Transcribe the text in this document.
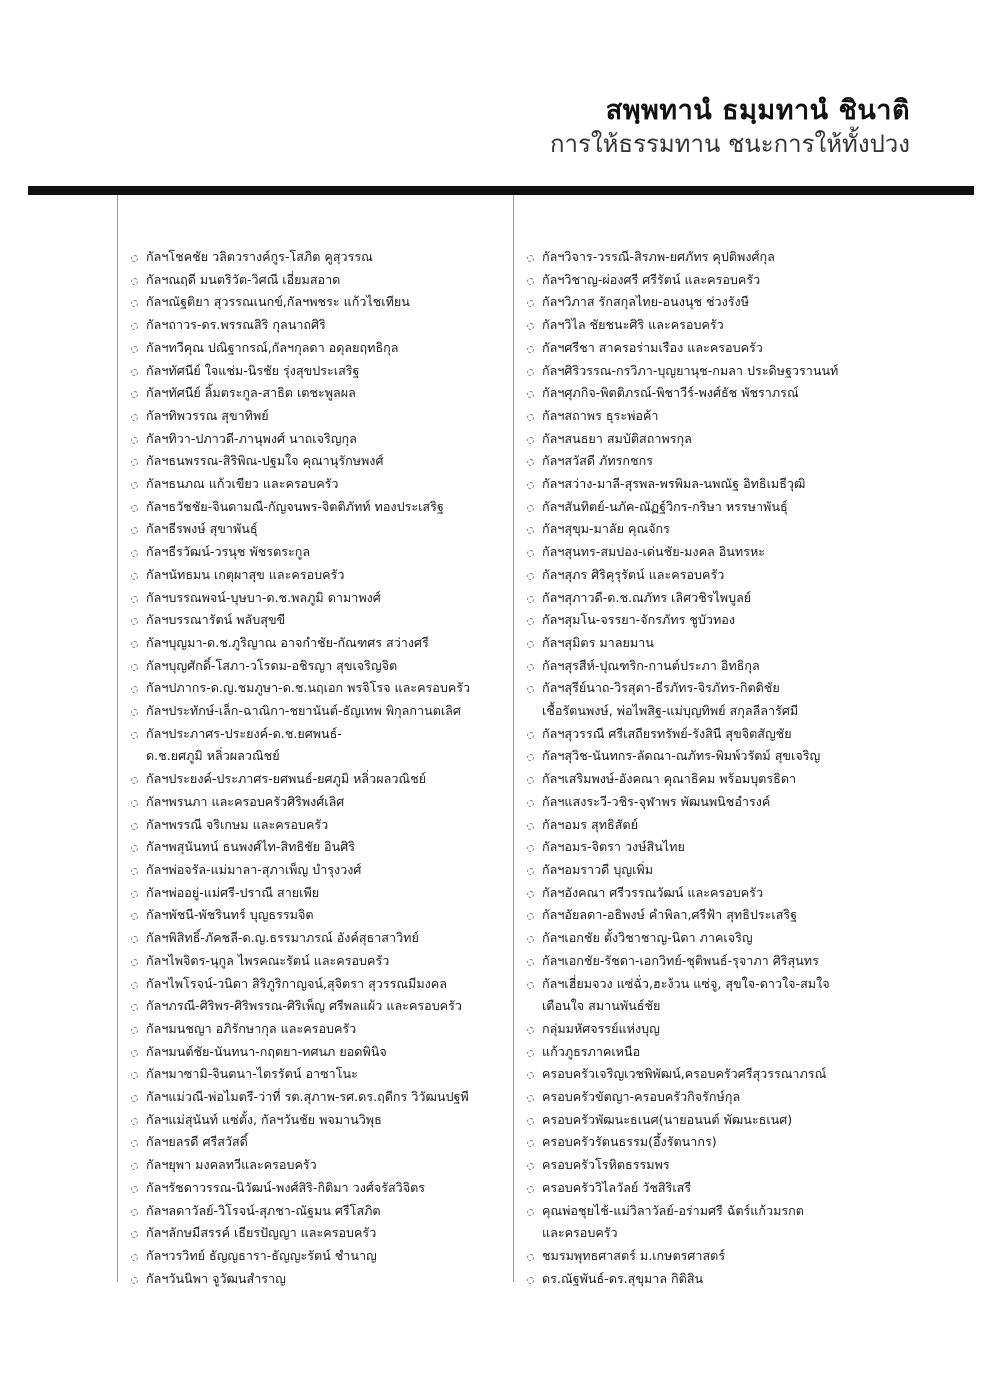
สพฺพทานํ ธมฺมทานํ ชินาติ
การให้ธรรมทาน ชนะการให้ทั้งปวง
กัลฯโชคชัย วลิตวรางค์กูร-โสภิต คูสุวรรณ
กัลฯณฤดี มนตริวัต-วิศณี เอี่ยมสอาด
กัลฯณัฐติยา สุวรรณเนกข์,กัลฯพชระ แก้วไชเทียน
กัลฯถาวร-ดร.พรรณสิริ กุลนาถศิริ
กัลฯทวีคุณ ปณิฐากรณ์,กัลฯกุลดา อดุลยฤทธิกุล
กัลฯทัศนีย์ ใจแช่ม-นิรชัย รุ่งสุขประเสริฐ
กัลฯทัศนีย์ ลิ้มตระกูล-สาธิต เตชะพูลผล
กัลฯทิพวรรณ สุขาทิพย์
กัลฯทิวา-ปภาวดี-ภานุพงศ์ นาถเจริญกุล
กัลฯธนพรรณ-สิริพิณ-ปฐมใจ คุณานุรักษพงศ์
กัลฯธนภณ แก้วเขียว และครอบครัว
กัลฯธวัชชัย-จินดามณี-กัญจนพร-จิตติภัทท์ ทองประเสริฐ
กัลฯธีรพงษ์ สุขาพันธุ์
กัลฯธีรวัฒน์-วรนุช พัชรตระกูล
กัลฯนัทธมน เกตุผาสุข และครอบครัว
กัลฯบรรณพจน์-บุษบา-ด.ช.พลภูมิ ดามาพงศ์
กัลฯบรรณารัตน์ พลับสุขขี
กัลฯบุญมา-ด.ช.ภูริญาณ อาจกำชัย-กัณฑศร สว่างศรี
กัลฯบุญศักดิ์-โสภา-วโรดม-อชิรญา สุขเจริญจิต
กัลฯปภากร-ด.ญ.ชมภูษา-ด.ช.นฤเอก พรจิโรจ และครอบครัว
กัลฯประทักษ์-เล็ก-ฉาณิกา-ชยานันต์-ธัญเทพ พิกุลกานตเลิศ
กัลฯประภาศร-ประยงค์-ด.ช.ยศพนธ์-
ด.ช.ยศภูมิ หลิ่วผลวณิชย์
กัลฯประยงค์-ประภาศร-ยศพนธ์-ยศภูมิ หลิ่วผลวณิชย์
กัลฯพรนภา และครอบครัวศิริพงศ์เลิศ
กัลฯพรรณี จริเกษม และครอบครัว
กัลฯพสุนันทน์ ธนพงศ์ไท-สิทธิชัย อินศิริ
กัลฯพ่อจรัล-แม่มาลา-สุภาเพ็ญ บำรุงวงศ์
กัลฯพ่ออยู่-แม่ศรี-ปราณี สายเพีย
กัลฯพัชนี-พัชรินทร์ บุญธรรมจิต
กัลฯพิสิทธิ์-ภัคชลี-ด.ญ.ธรรมาภรณ์ อังค์สุธาสาวิทย์
กัลฯไพจิตร-นุกูล ไพรคณะรัตน์ และครอบครัว
กัลฯไพโรจน์-วนิดา สิริภูริกาญจน์,สุจิตรา สุวรรณมีมงคล
กัลฯภรณี-ศิริพร-ศิริพรรณ-ศิริเพ็ญ ศรีพลแผ้ว และครอบครัว
กัลฯมนชญา อภิรักษากุล และครอบครัว
กัลฯมนต์ชัย-นันทนา-กฤตยา-ทศนภ ยอดพินิจ
กัลฯมาซามิ-จินตนา-ไตรรัตน์ อาซาโนะ
กัลฯแม่วณี-พ่อไมตรี-ว่าที่ รต.สุภาพ-รศ.ดร.ฤดีกร วิวัฒนปฐพี
กัลฯแม่สุนันท์ แซ่ตั้ง, กัลฯวันชัย พจมานวิพุธ
กัลฯยลรดี ศรีสวัสดิ์
กัลฯยุพา มงคลทวีและครอบครัว
กัลฯรัชดาวรรณ-นิวัฒน์-พงศ์สิริ-กิติมา วงศ์จรัสวิจิตร
กัลฯลดาวัลย์-วิโรจน์-สุภชา-ณัฐมน ศรีโสภิต
กัลฯลักษมีสรรค์ เธียรปัญญา และครอบครัว
กัลฯวรวิทย์ ธัญญธารา-ธัญญะรัตน์ ชำนาญ
กัลฯวันนิพา จูวัฒนสำราญ
กัลฯวิจาร-วรรณี-สิรภพ-ยศภัทร คุปติพงศ์กุล
กัลฯวิชาญ-ผ่องศรี ศรีรัตน์ และครอบครัว
กัลฯวิภาส รักสกุลไทย-อนงนุช ช่วงรังษี
กัลฯวิไล ชัยชนะศิริ และครอบครัว
กัลฯศรีชา สาครอร่ามเรือง และครอบครัว
กัลฯศิริวรรณ-กรวิภา-บุญยานุช-กมลา ประดิษฐวรานนท์
กัลฯศุภกิจ-พิตติภรณ์-พิชาวีร์-พงศ์ธัช พัชราภรณ์
กัลฯสถาพร ธุระพ่อค้า
กัลฯสนธยา สมบัติสถาพรกุล
กัลฯสวัสดี ภัทรกชกร
กัลฯสว่าง-มาลี-สุรพล-พรพิมล-นพณัฐ อิทธิเมธีวุฒิ
กัลฯสันทิตย์-นภัค-ณัฏฐ์วิกร-กริษา หรรษาพันธุ์
กัลฯสุขุม-มาลัย คุณจักร
กัลฯสุนทร-สมปอง-เด่นชัย-มงคล อินทรหะ
กัลฯสุภร ศิริคุรุรัตน์ และครอบครัว
กัลฯสุภาวดี-ด.ช.ณภัทร เลิศวชิรไพบูลย์
กัลฯสุมโน-จรรยา-จักรภัทร ชูบัวทอง
กัลฯสุมิตร มาลยมาน
กัลฯสุรสีห์-ปุณฑริก-กานต์ประภา อิทธิกุล
กัลฯสุรีย์นาถ-วิรสุดา-ธีรภัทร-จิรภัทร-กิตติชัย
เชื้อรัตนพงษ์, พ่อไพสิฐ-แม่บุญทิพย์ สกุลลีลารัศมี
กัลฯสุวรรณี ศรีเสถียรทรัพย์-รังสินี สุขจิตสัญชัย
กัลฯสุวิช-นันทกร-ลัดณา-ณภัทร-พิมพ์วรัตม์ สุขเจริญ
กัลฯเสริมพงษ์-อังคณา คุณาธิคม พร้อมบุตรธิดา
กัลฯแสงระวี-วชิร-จุฬาพร พัฒนพนิชอำรงค์
กัลฯอมร สุทธิสัตย์
กัลฯอมร-จิตรา วงษ์สินไทย
กัลฯอมราวดี บุญเพิ่ม
กัลฯอังคณา ศรีวรรณวัฒน์ และครอบครัว
กัลฯอัยลดา-อธิพงษ์ คำพิลา,ศรีฟ้า สุทธิประเสริฐ
กัลฯเอกชัย ตั้งวิชาชาญ-นิดา ภาคเจริญ
กัลฯเอกชัย-รัชดา-เอกวิทย์-ชุติพนธ์-รุจาภา ศิริสุนทร
กัลฯเฮี่ยมจวง แซ่ฉั่ว,ฮะง้วน แซ่จู, สุขใจ-ดาวใจ-สมใจ
เตือนใจ สมานพันธ์ชัย
กลุ่มมหัศจรรย์แห่งบุญ
แก้วภูธรภาคเหนือ
ครอบครัวเจริญเวชพิพัฒน์,ครอบครัวศรีสุวรรณาภรณ์
ครอบครัวขัตญา-ครอบครัวกิจรักษ์กุล
ครอบครัวพัฒนะธเนศ(นายอนนต์ พัฒนะธเนศ)
ครอบครัวรัตนธรรม(อึ้งรัตนากร)
ครอบครัวโรหิตธรรมพร
ครอบครัววิไลวัลย์ วัชสิริเสรี
คุณพ่อชุยไช้-แม่วิลาวัลย์-อร่ามศรี ฉัตร์แก้วมรกต
และครอบครัว
ชมรมพุทธศาสตร์ ม.เกษตรศาสตร์
ดร.ณัฐพันธ์-ดร.สุขุมาล กิติสิน
